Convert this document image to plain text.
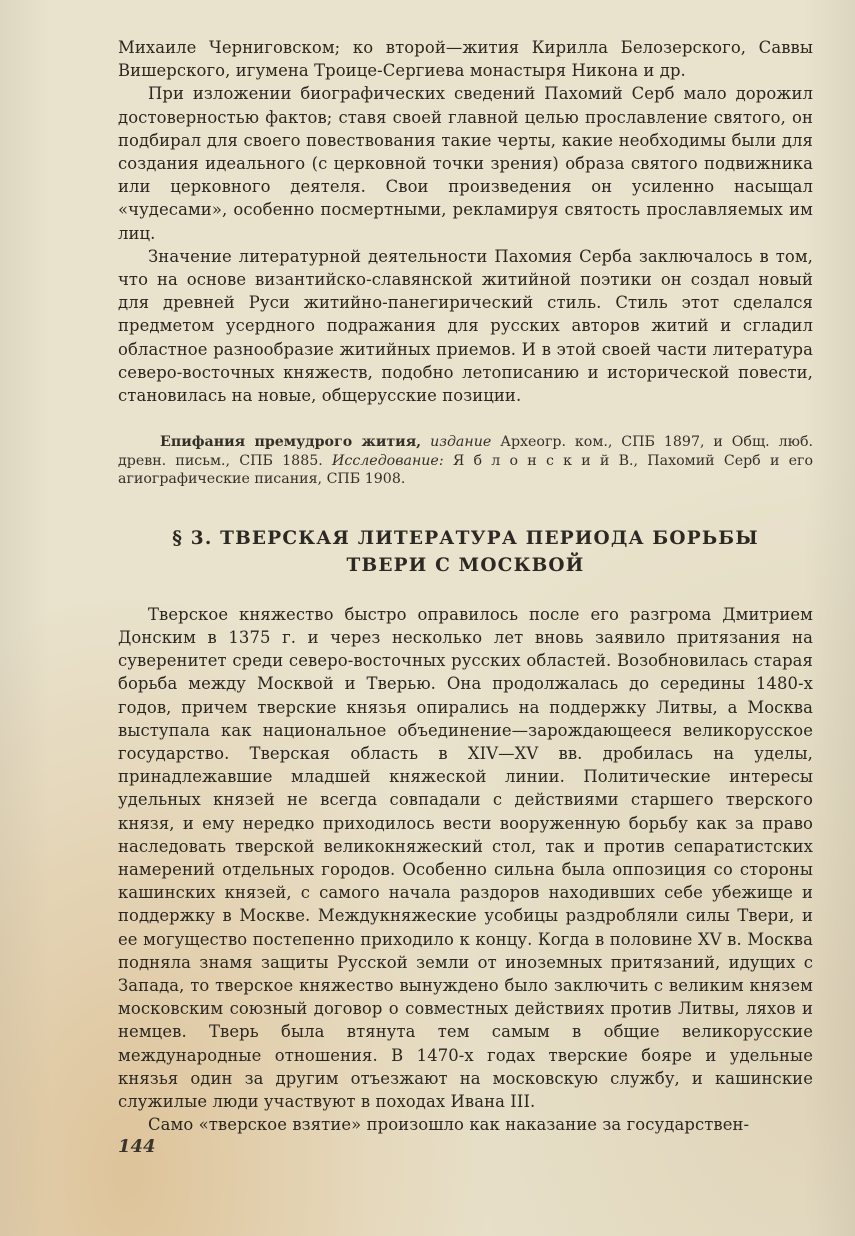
Михаиле Черниговском; ко второй—жития Кирилла Белозерского, Саввы Вишерского, игумена Троице-Сергиева монастыря Никона и др.

При изложении биографических сведений Пахомий Серб мало дорожил достоверностью фактов; ставя своей главной целью прославление святого, он подбирал для своего повествования такие черты, какие необходимы были для создания идеального (с церковной точки зрения) образа святого подвижника или церковного деятеля. Свои произведения он усиленно насыщал «чудесами», особенно посмертными, рекламируя святость прославляемых им лиц.

Значение литературной деятельности Пахомия Серба заключалось в том, что на основе византийско-славянской житийной поэтики он создал новый для древней Руси житийно-панегирический стиль. Стиль этот сделался предметом усердного подражания для русских авторов житий и сгладил областное разнообразие житийных приемов. И в этой своей части литература северо-восточных княжеств, подобно летописанию и исторической повести, становилась на новые, общерусские позиции.

Епифания премудрого жития, издание Археогр. ком., СПБ 1897, и Общ. люб. древн. письм., СПБ 1885. Исследование: Я б л о н с к и й В., Пахомий Серб и его агиографические писания, СПБ 1908.

§ 3. ТВЕРСКАЯ ЛИТЕРАТУРА ПЕРИОДА БОРЬБЫ
ТВЕРИ С МОСКВОЙ

Тверское княжество быстро оправилось после его разгрома Дмитрием Донским в 1375 г. и через несколько лет вновь заявило притязания на суверенитет среди северо-восточных русских областей. Возобновилась старая борьба между Москвой и Тверью. Она продолжалась до середины 1480-х годов, причем тверские князья опирались на поддержку Литвы, а Москва выступала как национальное объединение—зарождающееся великорусское государство. Тверская область в XIV—XV вв. дробилась на уделы, принадлежавшие младшей княжеской линии. Политические интересы удельных князей не всегда совпадали с действиями старшего тверского князя, и ему нередко приходилось вести вооруженную борьбу как за право наследовать тверской великокняжеский стол, так и против сепаратистских намерений отдельных городов. Особенно сильна была оппозиция со стороны кашинских князей, с самого начала раздоров находивших себе убежище и поддержку в Москве. Междукняжеские усобицы раздробляли силы Твери, и ее могущество постепенно приходило к концу. Когда в половине XV в. Москва подняла знамя защиты Русской земли от иноземных притязаний, идущих с Запада, то тверское княжество вынуждено было заключить с великим князем московским союзный договор о совместных действиях против Литвы, ляхов и немцев. Тверь была втянута тем самым в общие великорусские международные отношения. В 1470-х годах тверские бояре и удельные князья один за другим отъезжают на московскую службу, и кашинские служилые люди участвуют в походах Ивана III.

Само «тверское взятие» произошло как наказание за государствен-

144
